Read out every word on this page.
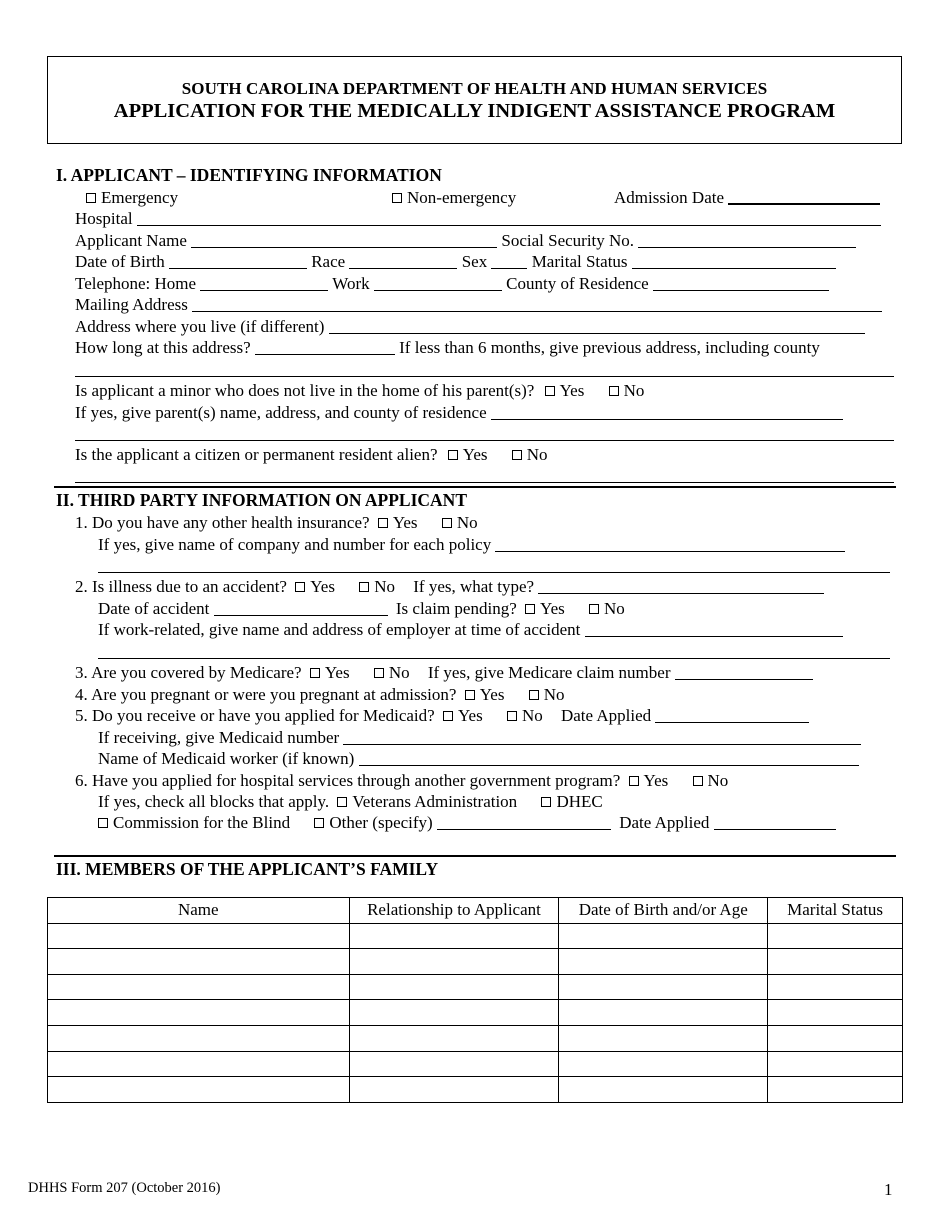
SOUTH CAROLINA DEPARTMENT OF HEALTH AND HUMAN SERVICES
APPLICATION FOR THE MEDICALLY INDIGENT ASSISTANCE PROGRAM
I. APPLICANT – IDENTIFYING INFORMATION
Emergency	Non-emergency	Admission Date
Hospital
Applicant Name	Social Security No.
Date of Birth	Race	Sex	Marital Status
Telephone: Home	Work	County of Residence
Mailing Address
Address where you live (if different)
How long at this address?	If less than 6 months, give previous address, including county
Is applicant a minor who does not live in the home of his parent(s)? Yes No
If yes, give parent(s) name, address, and county of residence
Is the applicant a citizen or permanent resident alien? Yes No
II. THIRD PARTY INFORMATION ON APPLICANT
1. Do you have any other health insurance? Yes No
If yes, give name of company and number for each policy
2. Is illness due to an accident? Yes No If yes, what type?
Date of accident	Is claim pending? Yes No
If work-related, give name and address of employer at time of accident
3. Are you covered by Medicare? Yes No If yes, give Medicare claim number
4. Are you pregnant or were you pregnant at admission? Yes No
5. Do you receive or have you applied for Medicaid? Yes No Date Applied
If receiving, give Medicaid number
Name of Medicaid worker (if known)
6. Have you applied for hospital services through another government program? Yes No
If yes, check all blocks that apply. Veterans Administration DHEC
Commission for the Blind Other (specify)	Date Applied
III. MEMBERS OF THE APPLICANT’S FAMILY
Name	Relationship to Applicant	Date of Birth and/or Age	Marital Status

DHHS Form 207 (October 2016)	1
